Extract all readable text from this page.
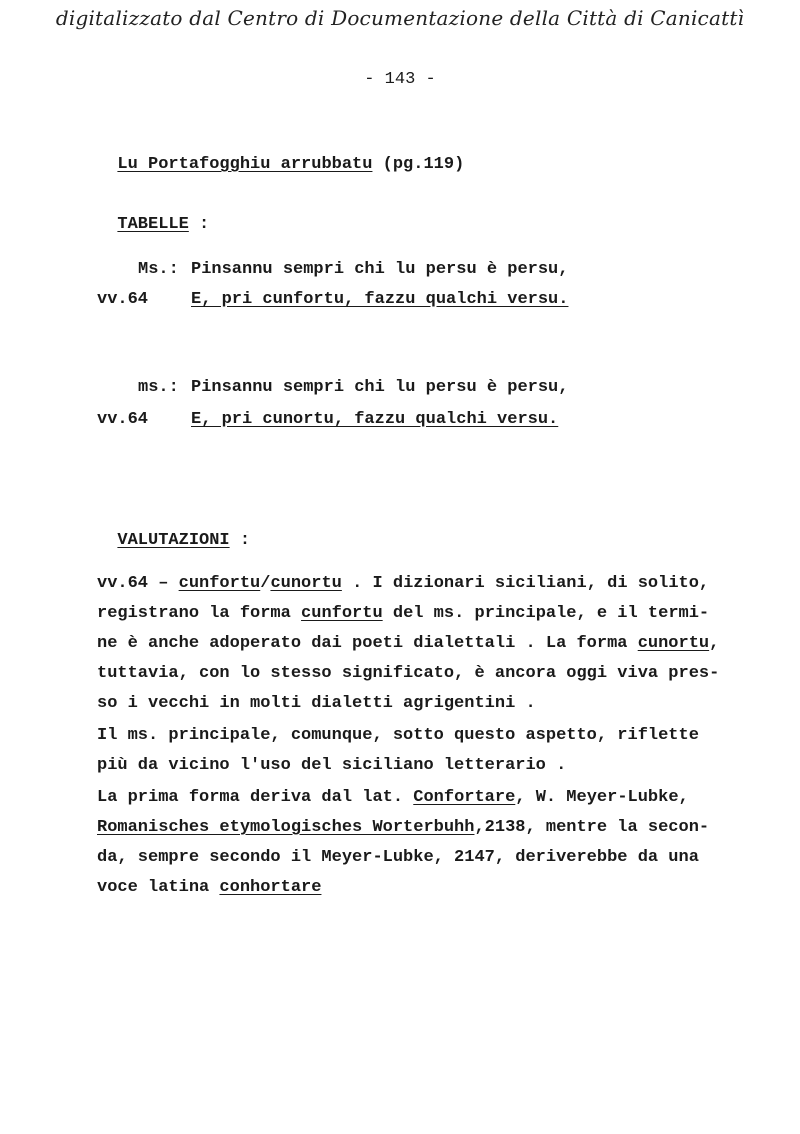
digitalizzato dal Centro di Documentazione della Città di Canicattì
- 143 -

Lu Portafogghiu arrubbatu (pg.119)

TABELLE :

Ms.: Pinsannu sempri chi lu persu è persu,
vv.64	E, pri cunfortu, fazzu qualchi versu.
ms.: Pinsannu sempri chi lu persu è persu,
vv.64	E, pri cunortu, fazzu qualchi versu.

VALUTAZIONI :

vv.64 – cunfortu/cunortu . I dizionari siciliani, di solito,
registrano la forma cunfortu del ms. principale, e il termi-
ne è anche adoperato dai poeti dialettali . La forma cunortu,
tuttavia, con lo stesso significato, è ancora oggi viva pres-
so i vecchi in molti dialetti agrigentini .
Il ms. principale, comunque, sotto questo aspetto, riflette
più da vicino l'uso del siciliano letterario .
La prima forma deriva dal lat. Confortare, W. Meyer-Lubke,
Romanisches etymologisches Worterbuhh,2138, mentre la secon-
da, sempre secondo il Meyer-Lubke, 2147, deriverebbe da una
voce latina conhortare
